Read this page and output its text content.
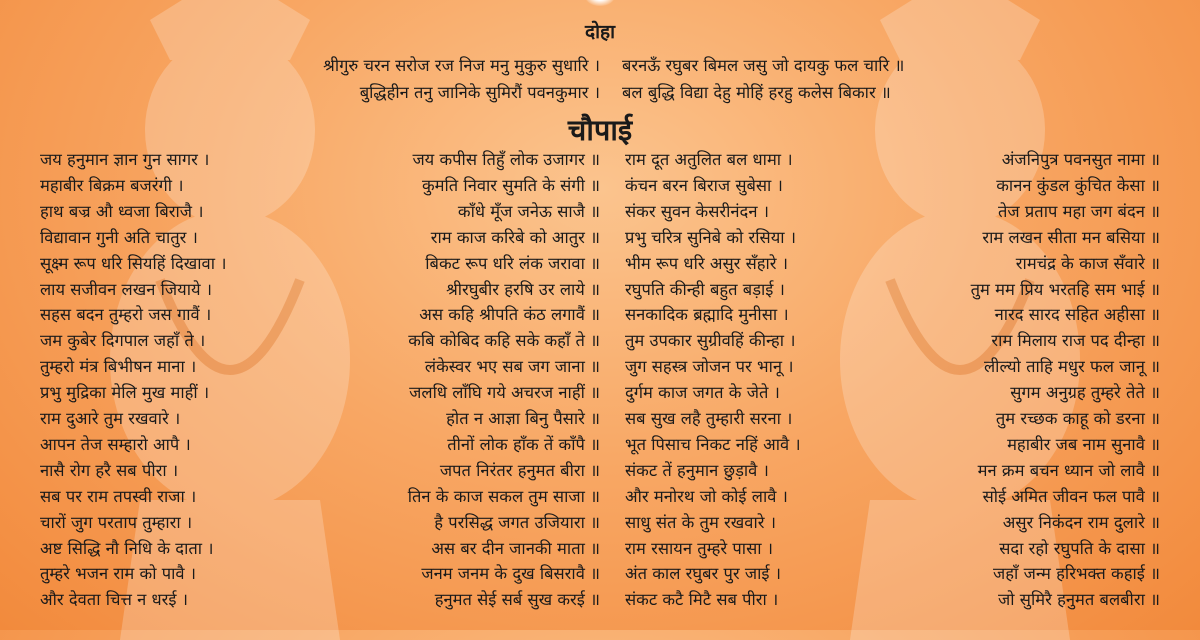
दोहा
श्रीगुरु चरन सरोज रज निज मनु मुकुरु सुधारि । बरनऊँ रघुबर बिमल जसु जो दायकु फल चारि ॥
बुद्धिहीन तनु जानिके सुमिरौं पवनकुमार । बल बुद्धि विद्या देहु मोहिं हरहु कलेस बिकार ॥
चौपाई
जय हनुमान ज्ञान गुन सागर ।	जय कपीस तिहुँ लोक उजागर ॥ राम दूत अतुलित बल धामा ।	अंजनिपुत्र पवनसुत नामा ॥
महाबीर बिक्रम बजरंगी ।	कुमति निवार सुमति के संगी ॥ कंचन बरन बिराज सुबेसा ।	कानन कुंडल कुंचित केसा ॥
हाथ बज्र औ ध्वजा बिराजै ।	काँधे मूँज जनेऊ साजै ॥ संकर सुवन केसरीनंदन ।	तेज प्रताप महा जग बंदन ॥
विद्यावान गुनी अति चातुर ।	राम काज करिबे को आतुर ॥ प्रभु चरित्र सुनिबे को रसिया ।	राम लखन सीता मन बसिया ॥
सूक्ष्म रूप धरि सियहिं दिखावा ।	बिकट रूप धरि लंक जरावा ॥ भीम रूप धरि असुर सँहारे ।	रामचंद्र के काज सँवारे ॥
लाय सजीवन लखन जियाये ।	श्रीरघुबीर हरषि उर लाये ॥ रघुपति कीन्ही बहुत बड़ाई ।	तुम मम प्रिय भरतहि सम भाई ॥
सहस बदन तुम्हरो जस गावैं ।	अस कहि श्रीपति कंठ लगावैं ॥ सनकादिक ब्रह्मादि मुनीसा ।	नारद सारद सहित अहीसा ॥
जम कुबेर दिगपाल जहाँ ते ।	कबि कोबिद कहि सके कहाँ ते ॥ तुम उपकार सुग्रीवहिं कीन्हा ।	राम मिलाय राज पद दीन्हा ॥
तुम्हरो मंत्र बिभीषन माना ।	लंकेस्वर भए सब जग जाना ॥ जुग सहस्त्र जोजन पर भानू ।	लील्यो ताहि मधुर फल जानू ॥
प्रभु मुद्रिका मेलि मुख माहीं ।	जलधि लाँघि गये अचरज नाहीं ॥ दुर्गम काज जगत के जेते ।	सुगम अनुग्रह तुम्हरे तेते ॥
राम दुआरे तुम रखवारे ।	होत न आज्ञा बिनु पैसारे ॥ सब सुख लहै तुम्हारी सरना ।	तुम रच्छक काहू को डरना ॥
आपन तेज सम्हारो आपै ।	तीनों लोक हाँक तें काँपै ॥ भूत पिसाच निकट नहिं आवै ।	महाबीर जब नाम सुनावै ॥
नासै रोग हरै सब पीरा ।	जपत निरंतर हनुमत बीरा ॥ संकट तें हनुमान छुड़ावै ।	मन क्रम बचन ध्यान जो लावै ॥
सब पर राम तपस्वी राजा ।	तिन के काज सकल तुम साजा ॥ और मनोरथ जो कोई लावै ।	सोई अमित जीवन फल पावै ॥
चारों जुग परताप तुम्हारा ।	है परसिद्ध जगत उजियारा ॥ साधु संत के तुम रखवारे ।	असुर निकंदन राम दुलारे ॥
अष्ट सिद्धि नौ निधि के दाता ।	अस बर दीन जानकी माता ॥ राम रसायन तुम्हरे पासा ।	सदा रहो रघुपति के दासा ॥
तुम्हरे भजन राम को पावै ।	जनम जनम के दुख बिसरावै ॥ अंत काल रघुबर पुर जाई ।	जहाँ जन्म हरिभक्त कहाई ॥
और देवता चित्त न धरई ।	हनुमत सेई सर्ब सुख करई ॥ संकट कटै मिटै सब पीरा ।	जो सुमिरै हनुमत बलबीरा ॥
